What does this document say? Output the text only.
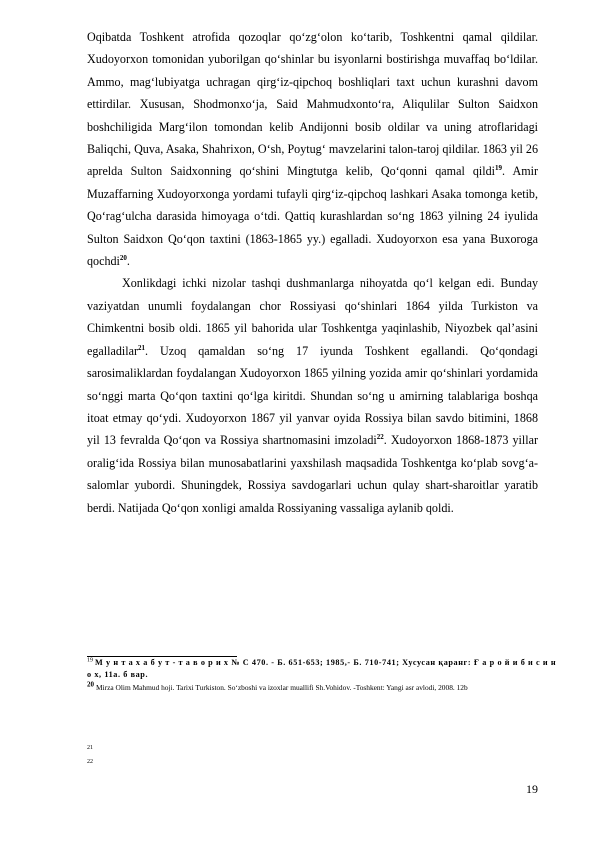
Oqibatda Toshkent atrofida qozoqlar qo‘zg‘olon ko‘tarib, Toshkentni qamal qildilar. Xudoyorxon tomonidan yuborilgan qo‘shinlar bu isyonlarni bostirishga muvaffaq bo‘ldilar. Ammo, mag‘lubiyatga uchragan qirg‘iz-qipchoq boshliqlari taxt uchun kurashni davom ettirdilar. Xususan, Shodmonxo‘ja, Said Mahmudxonto‘ra, Aliqulilar Sulton Saidxon boshchiligida Marg‘ilon tomondan kelib Andijonni bosib oldilar va uning atroflaridagi Baliqchi, Quva, Asaka, Shahrixon, O‘sh, Poytug‘ mavzelarini talon-taroj qildilar. 1863 yil 26 aprelda Sulton Saidxonning qo‘shini Mingtutga kelib, Qo‘qonni qamal qildi$^{19}$. Amir Muzaffarning Xudoyorxonga yordami tufayli qirg‘iz-qipchoq lashkari Asaka tomonga ketib, Qo‘rag‘ulcha darasida himoyaga o‘tdi. Qattiq kurashlardan so‘ng 1863 yilning 24 iyulida Sulton Saidxon Qo‘qon taxtini (1863-1865 yy.) egalladi. Xudoyorxon esa yana Buxoroga qochdi$^{20}$.

Xonlikdagi ichki nizolar tashqi dushmanlarga nihoyatda qo‘l kelgan edi. Bunday vaziyatdan unumli foydalangan chor Rossiyasi qo‘shinlari 1864 yilda Turkiston va Chimkentni bosib oldi. 1865 yil bahorida ular Toshkentga yaqinlashib, Niyozbek qal’asini egalladilar$^{21}$. Uzoq qamaldan so‘ng 17 iyunda Toshkent egallandi. Qo‘qondagi sarosimaliklardan foydalangan Xudoyorxon 1865 yilning yozida amir qo‘shinlari yordamida so‘nggi marta Qo‘qon taxtini qo‘lga kiritdi. Shundan so‘ng u amirning talablariga boshqa itoat etmay qo‘ydi. Xudoyorxon 1867 yil yanvar oyida Rossiya bilan savdo bitimini, 1868 yil 13 fevralda Qo‘qon va Rossiya shartnomasini imzoladi$^{22}$. Xudoyorxon 1868-1873 yillar oralig‘ida Rossiya bilan munosabatlarini yaxshilash maqsadida Toshkentga ko‘plab sovg‘a-salomlar yubordi. Shuningdek, Rossiya savdogarlari uchun qulay shart-sharoitlar yaratib berdi. Natijada Qo‘qon xonligi amalda Rossiyaning vassaliga aylanib qoldi.

$^{19}$ М у н т а х а б у т - т а в о р и х № С 470. - Б. 651-653; 1985,- Б. 710-741; Хусусан қаранг: Ғ а р о й и б и с и н о х, 11а. б вар.

20 Mirza Olim Mahmud hoji. Tarixi Turkiston. So‘zboshi va izoxlar muallifi Sh.Vohidov. -Toshkent: Yangi asr avlodi, 2008. 12b

21
22
19
